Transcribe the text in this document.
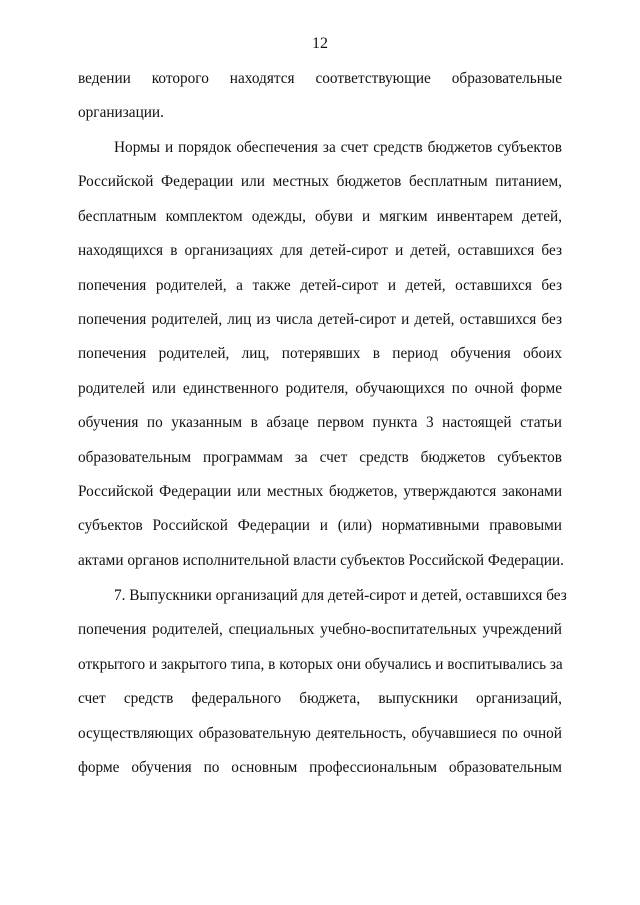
12
ведении которого находятся соответствующие образовательные
организации.
Нормы и порядок обеспечения за счет средств бюджетов субъектов
Российской Федерации или местных бюджетов бесплатным питанием,
бесплатным комплектом одежды, обуви и мягким инвентарем детей,
находящихся в организациях для детей-сирот и детей, оставшихся без
попечения родителей, а также детей-сирот и детей, оставшихся без
попечения родителей, лиц из числа детей-сирот и детей, оставшихся без
попечения родителей, лиц, потерявших в период обучения обоих
родителей или единственного родителя, обучающихся по очной форме
обучения по указанным в абзаце первом пункта 3 настоящей статьи
образовательным программам за счет средств бюджетов субъектов
Российской Федерации или местных бюджетов, утверждаются законами
субъектов Российской Федерации и (или) нормативными правовыми
актами органов исполнительной власти субъектов Российской Федерации.
7. Выпускники организаций для детей-сирот и детей, оставшихся без
попечения родителей, специальных учебно-воспитательных учреждений
открытого и закрытого типа, в которых они обучались и воспитывались за
счет средств федерального бюджета, выпускники организаций,
осуществляющих образовательную деятельность, обучавшиеся по очной
форме обучения по основным профессиональным образовательным
